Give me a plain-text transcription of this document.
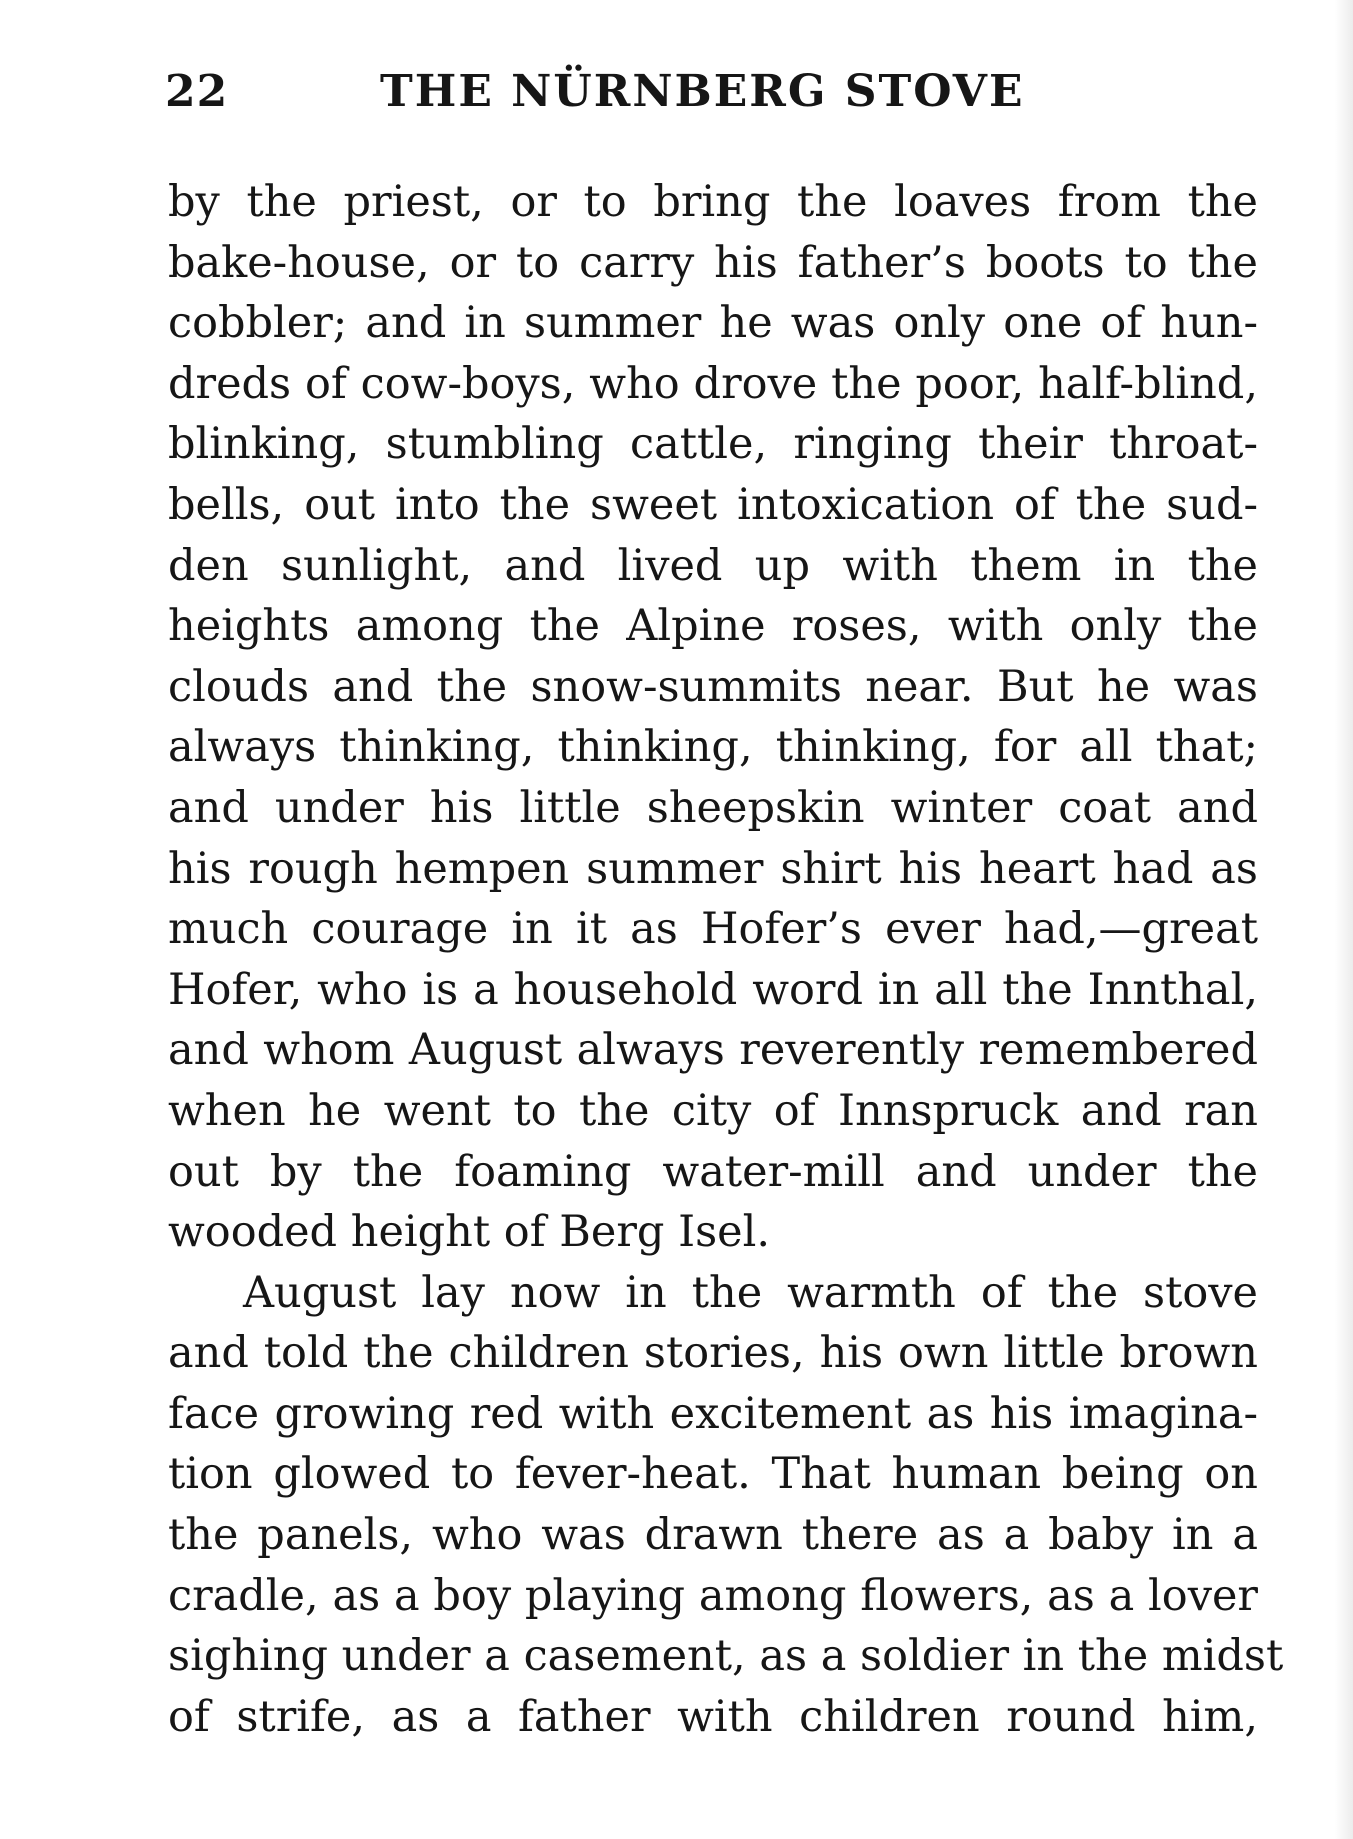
22	THE NÜRNBERG STOVE
by the priest, or to bring the loaves from the
bake-house, or to carry his father’s boots to the
cobbler; and in summer he was only one of hun-
dreds of cow-boys, who drove the poor, half-blind,
blinking, stumbling cattle, ringing their throat-
bells, out into the sweet intoxication of the sud-
den sunlight, and lived up with them in the
heights among the Alpine roses, with only the
clouds and the snow-summits near. But he was
always thinking, thinking, thinking, for all that;
and under his little sheepskin winter coat and
his rough hempen summer shirt his heart had as
much courage in it as Hofer’s ever had,—great
Hofer, who is a household word in all the Innthal,
and whom August always reverently remembered
when he went to the city of Innspruck and ran
out by the foaming water-mill and under the
wooded height of Berg Isel.
August lay now in the warmth of the stove
and told the children stories, his own little brown
face growing red with excitement as his imagina-
tion glowed to fever-heat. That human being on
the panels, who was drawn there as a baby in a
cradle, as a boy playing among flowers, as a lover
sighing under a casement, as a soldier in the midst
of strife, as a father with children round him,
